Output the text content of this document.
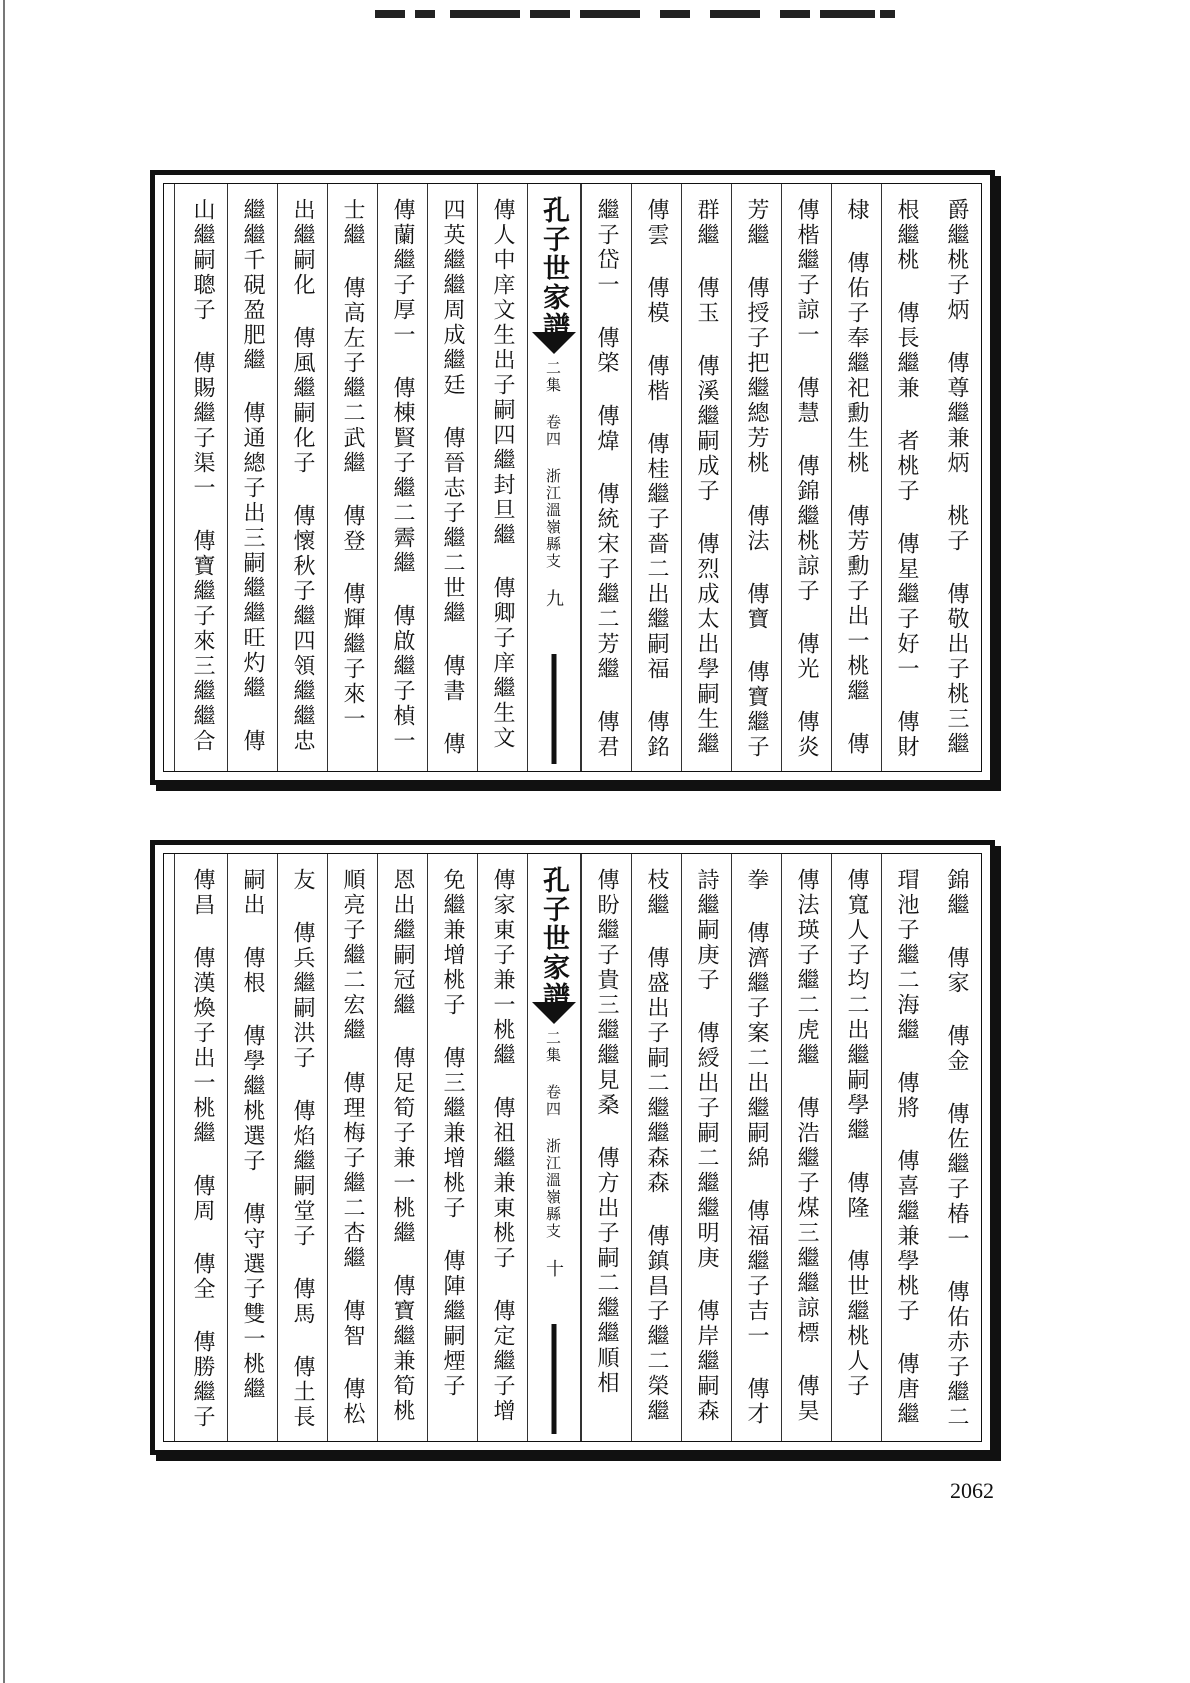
爵繼桃子炳 傳尊繼兼炳 桃子 傳敬出子桃三繼
根繼桃 傳長繼兼 者桃子 傳星繼子好一 傳財
棣 傳佑子奉繼祀勳生桃 傳芳勳子出一桃繼 傳
傳楷繼子諒一 傳慧 傳錦繼桃諒子 傳光 傳炎
芳繼 傳授子把繼總芳桃 傳法 傳寶 傳寶繼子
群繼 傳玉 傳溪繼嗣成子 傳烈成太出學嗣生繼
傳雲 傳模 傳楷 傳桂繼子嗇二出繼嗣福 傳銘
繼子岱一 傳棨 傳煒 傳統宋子繼二芳繼 傳君
孔子世家譜 二集 卷四 浙江溫嶺縣支 九
傳人中庠文生出子嗣四繼封旦繼 傳卿子庠繼生文
四英繼繼周成繼廷 傳晉志子繼二世繼 傳書 傳
傳蘭繼子厚一 傳棟賢子繼二霽繼 傳啟繼子楨一
士繼 傳高左子繼二武繼 傳登 傳輝繼子來一
出繼嗣化 傳風繼嗣化子 傳懷秋子繼四領繼繼忠
繼繼千硯盈肥繼 傳通總子出三嗣繼繼旺灼繼 傳
山繼嗣聰子 傳賜繼子渠一 傳寶繼子來三繼繼合
錦繼 傳家 傳金 傳佐繼子椿一 傳佑赤子繼二
瑁池子繼二海繼 傳將 傳喜繼兼學桃子 傳唐繼
傳寬人子均二出繼嗣學繼 傳隆 傳世繼桃人子
傳法瑛子繼二虎繼 傳浩繼子煤三繼繼諒標 傳昊
拳 傳濟繼子案二出繼嗣綿 傳福繼子吉一 傳才
詩繼嗣庚子 傳綬出子嗣二繼繼明庚 傳岸繼嗣森
枝繼 傳盛出子嗣二繼繼森森 傳鎮昌子繼二榮繼
傳盼繼子貴三繼繼見桑 傳方出子嗣二繼繼順相
孔子世家譜 二集 卷四 浙江溫嶺縣支 十
傳家東子兼一桃繼 傳祖繼兼東桃子 傳定繼子增
免繼兼增桃子 傳三繼兼增桃子 傳陣繼嗣煙子
恩出繼嗣冠繼 傳足筍子兼一桃繼 傳寶繼兼筍桃
順亮子繼二宏繼 傳理梅子繼二杏繼 傳智 傳松
友 傳兵繼嗣洪子 傳焰繼嗣堂子 傳馬 傳土長
嗣出 傳根 傳學繼桃選子 傳守選子雙一桃繼
傳昌 傳漢煥子出一桃繼 傳周 傳全 傳勝繼子
2062
